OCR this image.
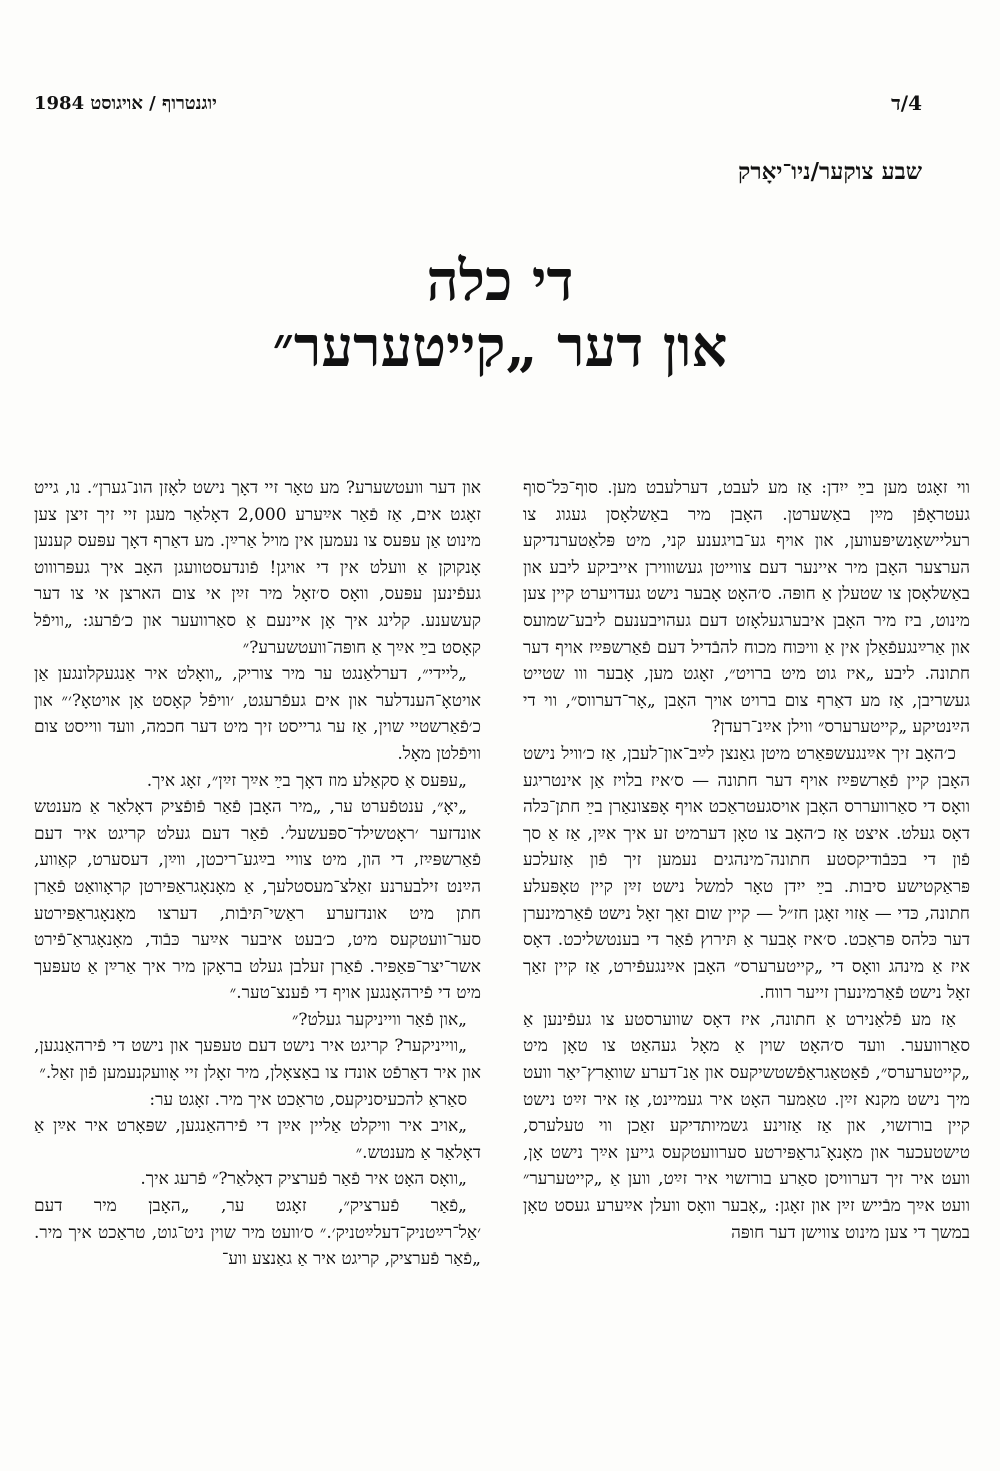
4/ד
יוגנטרוף / אויגוסט 1984
שבע צוקער/ניו־יאָרק
די כלה
און דער „קייטערער״

ווי זאָגט מען בײַ ייִדן: אַז מע לעבט, דערלעבט מען. סוף־כּל־סוף געטראָפֿן מײַן באַשערטן. האָבן מיר באַשלאָסן געגוג צו רעליישאָנשיפּעווען, און אויף גע־בויגענע קני, מיט פּלאַטערנדיקע הערצער האָבן מיר איינער דעם צווייטן געשוווירן אייביקע ליבע און באַשלאָסן צו שטעלן אַ חופּה. ס׳האָט אָבער נישט געדויערט קיין צען מינוט, ביז מיר האָבן איבערגעלאָזט דעם געהויבענעם ליבע־שמועס און אַרײַנגעפֿאַלן אין אַ וויכּוח מכוח להבֿדיל דעם פֿאַרשפּײַז אויף דער חתונה. ליבע „איז גוט מיט ברויט״, זאָגט מען, אָבער ווו שטייט געשריבן, אַז מע דאַרף צום ברויט אויך האָבן „אָר־דערווס״, ווי די הײַנטיקע „קייטערערס״ ווילן אײַנ־רעדן?

כ׳האָב זיך אײַנגעשפּאַרט מיטן גאַנצן לײַב־און־לעבן, אַז כ׳וויל נישט האָבן קיין פֿאַרשפּײַז אויף דער חתונה — ס׳איז בלויז אַן אינטריגע וואָס די סאַרוועררס האָבן אויסגעטראַכט אויף אָפּצונאַרן בײַ חתן־כּלה דאָס געלט. איצט אַז כ׳האָב צו טאָן דערמיט זע איך אײַן, אַז אַ סך פֿון די בכּבֿודיקסטע חתונה־מינהגים נעמען זיך פֿון אַזעלכע פּראַקטישע סיבות. בײַ ייִדן טאָר למשל נישט זײַן קיין טאָפּעלע חתונה, כּדי — אַזוי זאָגן חז״ל — קיין שום זאַך זאָל נישט פֿאַרמינערן דער כּלהס פּראַכט. ס׳איז אָבער אַ תּירוץ פֿאַר די בענטשליכט. דאָס איז אַ מינהג וואָס די „קייטערערס״ האָבן אײַנגעפֿירט, אַז קיין זאַך זאָל נישט פֿאַרמינערן זייער רווח.

אַז מע פֿלאַנירט אַ חתונה, איז דאָס שווערסטע צו געפֿינען אַ סאַרוועער. וועד ס׳האָט שוין אַ מאָל געהאַט צו טאָן מיט „קייטערערס״, פֿאַטאַגראַפֿשטשיקעס און אַנ־דערע שוואַרץ־יאַר וועט מיך נישט מקנא זײַן. טאַמער האָט איר געמיינט, אַז איר זײַט נישט קיין בורזשוי, און אַז אַזוינע גשמיותדיקע זאַכן ווי טעלערס, טישטעכער און מאָנאָ־גראַפּירטע סערוועטקעס גייען אײַך נישט אָן, וועט איר זיך דערוויסן סאַרע בורזשוי איר זײַט, ווען אַ „קייטערער״ וועט אײַך מבֿייש זײַן און זאָגן: „אָבער וואָס וועלן אײַערע געסט טאָן במשך די צען מינוט צווישן דער חופּה

און דער וועטשערע? מע טאָר זיי דאָך נישט לאָזן הונ־גערן״. נו, גייט זאָגט אים, אַז פֿאַר אײַערע 2,000 דאָלאַר מעגן זיי זיך זיצן צען מינוט אַן עפּעס צו נעמען אין מויל אַרײַן. מע דאַרף דאָך עפּעס קענען אָנקוקן אַ וועלט אין די אויגן! פֿונדעסטוועגן האָב איך געפּרוווט געפֿינען עפּעס, וואָס ס׳זאָל מיר זײַן אי צום הארצן אי צו דער קעשענע. קלינג איך אָן איינעם אַ סאַרוועער און כ׳פֿרעג: „וויפֿל קאָסט בײַ אײַך אַ חופּה־וועטשערע?״

„ליידי״, דערלאַנגט ער מיר צוריק, „וואָלט איר אַנגעקלונגען אַן אויטאָ־הענדלער און אים געפֿרעגט, ׳וויפֿל קאָסט אַן אויטאָ?׳״ און כ׳פֿאַרשטיי שוין, אַז ער גרייסט זיך מיט דער חכמה, וועד ווייסט צום וויפֿלטן מאָל.

„עפּעס אַ סקאַלע מוז דאָך בײַ אײַך זײַן״, זאָג איך.

„יאָ״, ענטפֿערט ער, „מיר האָבן פֿאַר פֿופֿציק דאָלאַר אַ מענטש אונדזער ׳ראָטשילד־ספּעשעל׳. פֿאַר דעם געלט קריגט איר דעם פֿאַרשפּײַז, די הון, מיט צוויי בײַגע־ריכטן, ווײַן, דעסערט, קאַווע, הײַנט זילבערנע זאַלצ־מעסטלעך, אַ מאָנאָגראַפּירטן קראָוואַט פֿאַרן חתן מיט אונדזערע ראַשי־תּיבֿות, דערצו מאָנאָגראַפּירטע סער־וועטקעס מיט, כ׳בעט איבער אײַער כּבֿוד, מאָנאָגראַ־פֿירט אשר־יצר־פּאַפּיר. פֿאַרן זעלבן געלט בראָקן מיר איך אַרײַן אַ טעפּעך מיט די פֿירהאָנגען אויף די פֿענצ־טער.״

„און פֿאַר ווייניקער געלט?״

„ווייניקער? קריגט איר נישט דעם טעפּעך און נישט די פֿירהאַנגען, און איר דאַרפֿט אונדז צו באַצאָלן, מיר זאָלן זיי אָוועקנעמען פֿון זאַל.״

סאַראַ להכעיסניקעס, טראַכט איך מיר. זאָגט ער:

„אויב איר וויקלט אַליין אײַן די פֿירהאַנגען, שפּאָרט איר אײַן אַ דאָלאַר אַ מענטש.״

„וואָס האָט איר פֿאַר פֿערציק דאָלאַר?״ פֿרעג איך.

„פֿאַר פֿערציק״, זאָגט ער, „האָבן מיר דעם ׳אַל־רײַטניק־דעלײַטניק׳.״ ס׳וועט מיר שוין ניט־גוט, טראַכט איך מיר. „פֿאַר פֿערציק, קריגט איר אַ גאַנצע ווע־
